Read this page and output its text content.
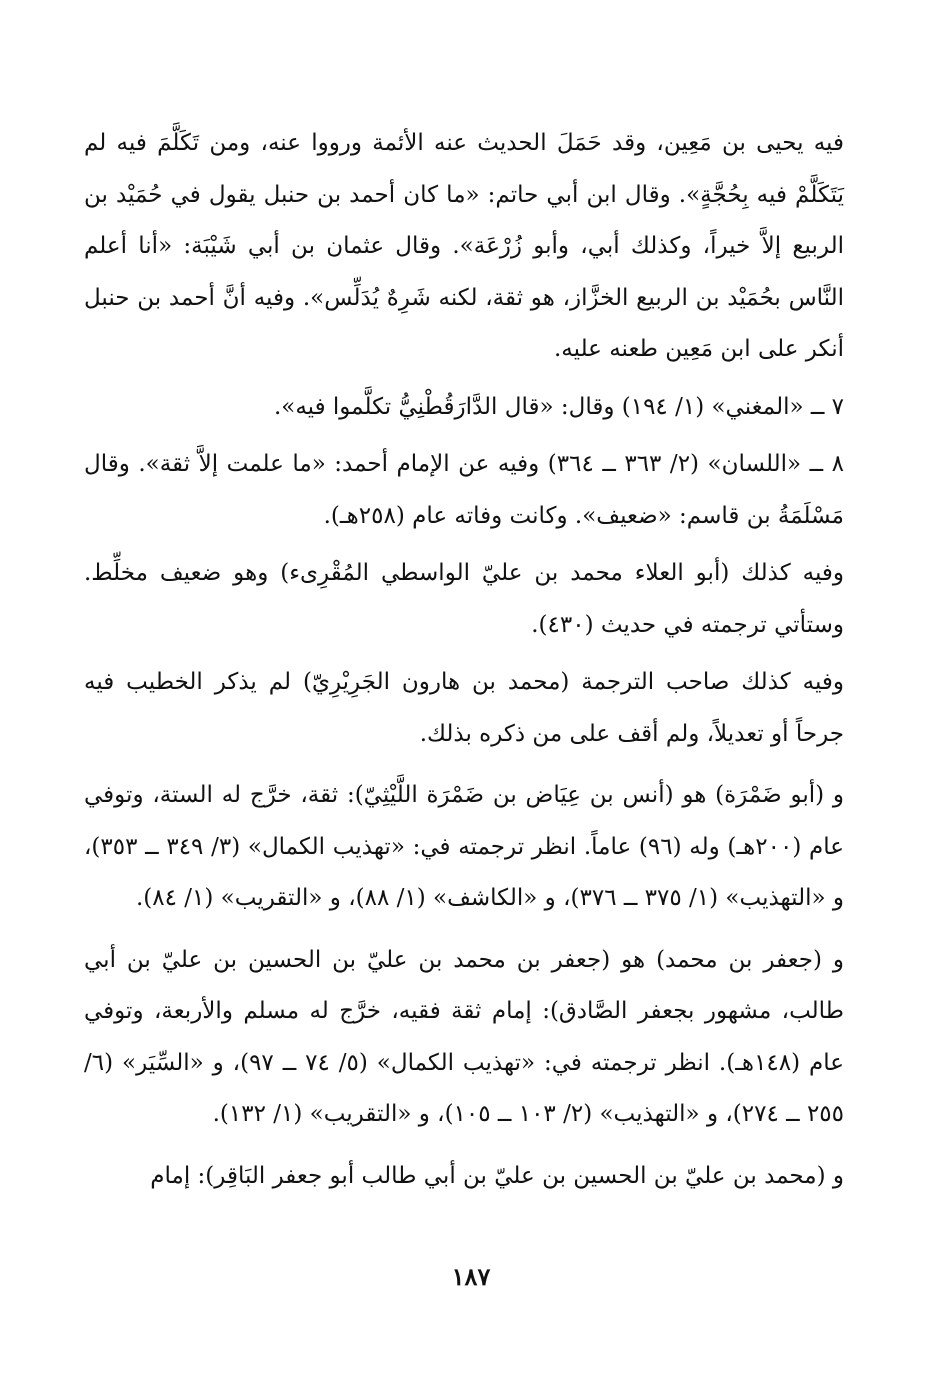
فيه يحيى بن مَعِين، وقد حَمَلَ الحديث عنه الأئمة ورووا عنه، ومن تَكَلَّمَ فيه لم يَتَكَلَّمْ فيه بِحُجَّةٍ». وقال ابن أبي حاتم: «ما كان أحمد بن حنبل يقول في حُمَيْد بن الربيع إلاَّ خيراً، وكذلك أبي، وأبو زُرْعَة». وقال عثمان بن أبي شَيْبَة: «أنا أعلم النَّاس بحُمَيْد بن الربيع الخزَّاز، هو ثقة، لكنه شَرِهٌ يُدَلِّس». وفيه أنَّ أحمد بن حنبل أنكر على ابن مَعِين طعنه عليه.

٧ ــ «المغني» (١/ ١٩٤) وقال: «قال الدَّارَقُطْنِيُّ تكلَّموا فيه».

٨ ــ «اللسان» (٢/ ٣٦٣ ــ ٣٦٤) وفيه عن الإمام أحمد: «ما علمت إلاَّ ثقة». وقال مَسْلَمَةُ بن قاسم: «ضعيف». وكانت وفاته عام (٢٥٨هـ).

وفيه كذلك (أبو العلاء محمد بن عليّ الواسطي المُقْرِىء) وهو ضعيف مخلِّط. وستأتي ترجمته في حديث (٤٣٠).

وفيه كذلك صاحب الترجمة (محمد بن هارون الجَرِيْرِيّ) لم يذكر الخطيب فيه جرحاً أو تعديلاً، ولم أقف على من ذكره بذلك.

و (أبو ضَمْرَة) هو (أنس بن عِيَاض بن ضَمْرَة اللَّيْثِيّ): ثقة، خرَّج له الستة، وتوفي عام (٢٠٠هـ) وله (٩٦) عاماً. انظر ترجمته في: «تهذيب الكمال» (٣/ ٣٤٩ ــ ٣٥٣)، و «التهذيب» (١/ ٣٧٥ ــ ٣٧٦)، و «الكاشف» (١/ ٨٨)، و «التقريب» (١/ ٨٤).

و (جعفر بن محمد) هو (جعفر بن محمد بن عليّ بن الحسين بن عليّ بن أبي طالب، مشهور بجعفر الصَّادق): إمام ثقة فقيه، خرَّج له مسلم والأربعة، وتوفي عام (١٤٨هـ). انظر ترجمته في: «تهذيب الكمال» (٥/ ٧٤ ــ ٩٧)، و «السِّيَر» (٦/ ٢٥٥ ــ ٢٧٤)، و «التهذيب» (٢/ ١٠٣ ــ ١٠٥)، و «التقريب» (١/ ١٣٢).

و (محمد بن عليّ بن الحسين بن عليّ بن أبي طالب أبو جعفر البَاقِر): إمام

١٨٧
